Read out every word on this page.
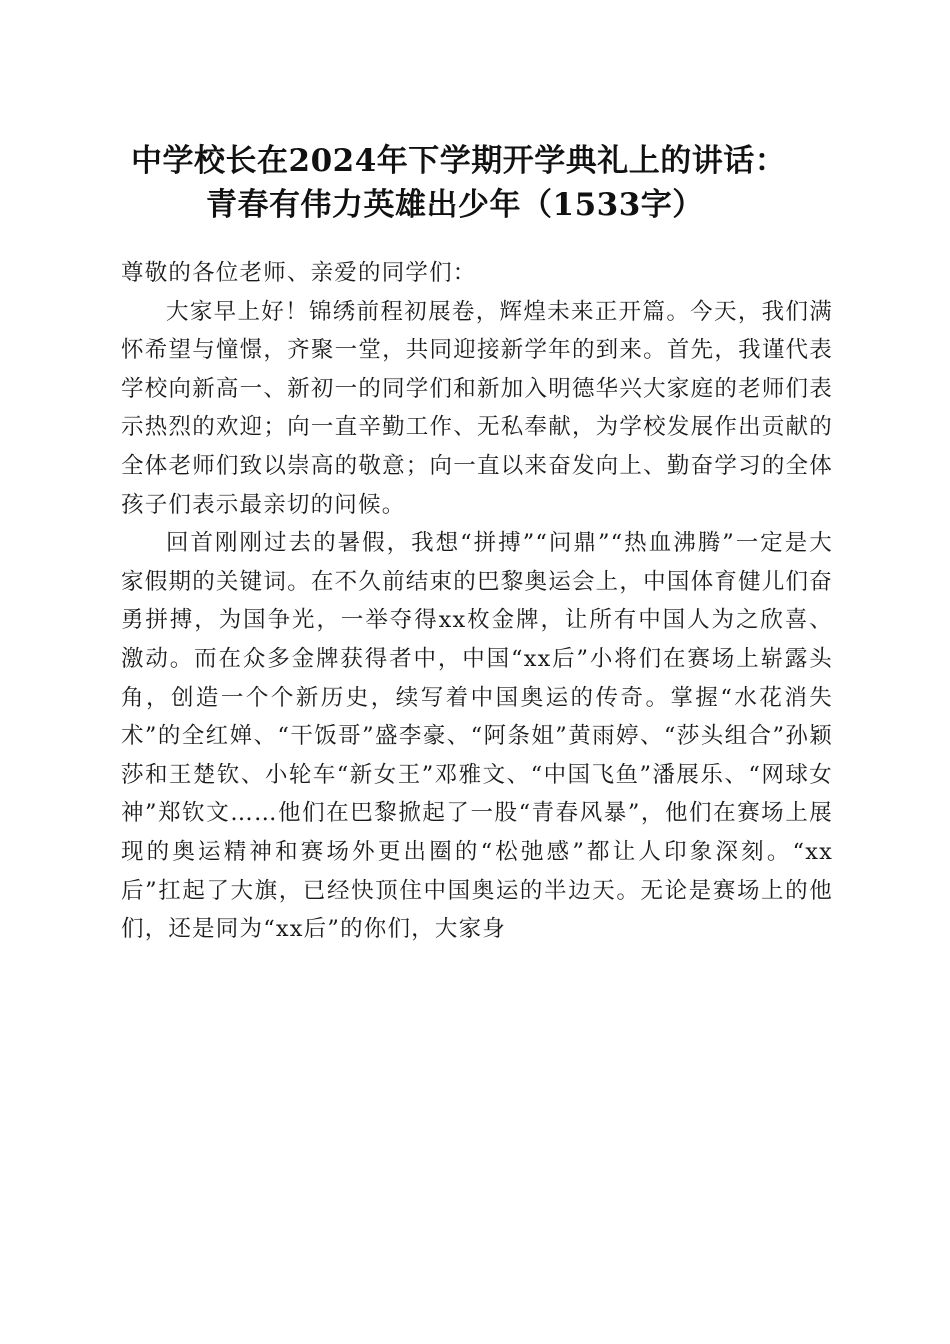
中学校长在2024年下学期开学典礼上的讲话：
青春有伟力英雄出少年（1533字）

尊敬的各位老师、亲爱的同学们：

大家早上好！锦绣前程初展卷，辉煌未来正开篇。今天，我们满怀希望与憧憬，齐聚一堂，共同迎接新学年的到来。首先，我谨代表学校向新高一、新初一的同学们和新加入明德华兴大家庭的老师们表示热烈的欢迎；向一直辛勤工作、无私奉献，为学校发展作出贡献的全体老师们致以崇高的敬意；向一直以来奋发向上、勤奋学习的全体孩子们表示最亲切的问候。

回首刚刚过去的暑假，我想“拼搏”“问鼎”“热血沸腾”一定是大家假期的关键词。在不久前结束的巴黎奥运会上，中国体育健儿们奋勇拼搏，为国争光，一举夺得xx枚金牌，让所有中国人为之欣喜、激动。而在众多金牌获得者中，中国“xx后”小将们在赛场上崭露头角，创造一个个新历史，续写着中国奥运的传奇。掌握“水花消失术”的全红婵、“干饭哥”盛李豪、“阿条姐”黄雨婷、“莎头组合”孙颖莎和王楚钦、小轮车“新女王”邓雅文、“中国飞鱼”潘展乐、“网球女神”郑钦文……他们在巴黎掀起了一股“青春风暴”，他们在赛场上展现的奥运精神和赛场外更出圈的“松弛感”都让人印象深刻。“xx后”扛起了大旗，已经快顶住中国奥运的半边天。无论是赛场上的他们，还是同为“xx后”的你们，大家身
